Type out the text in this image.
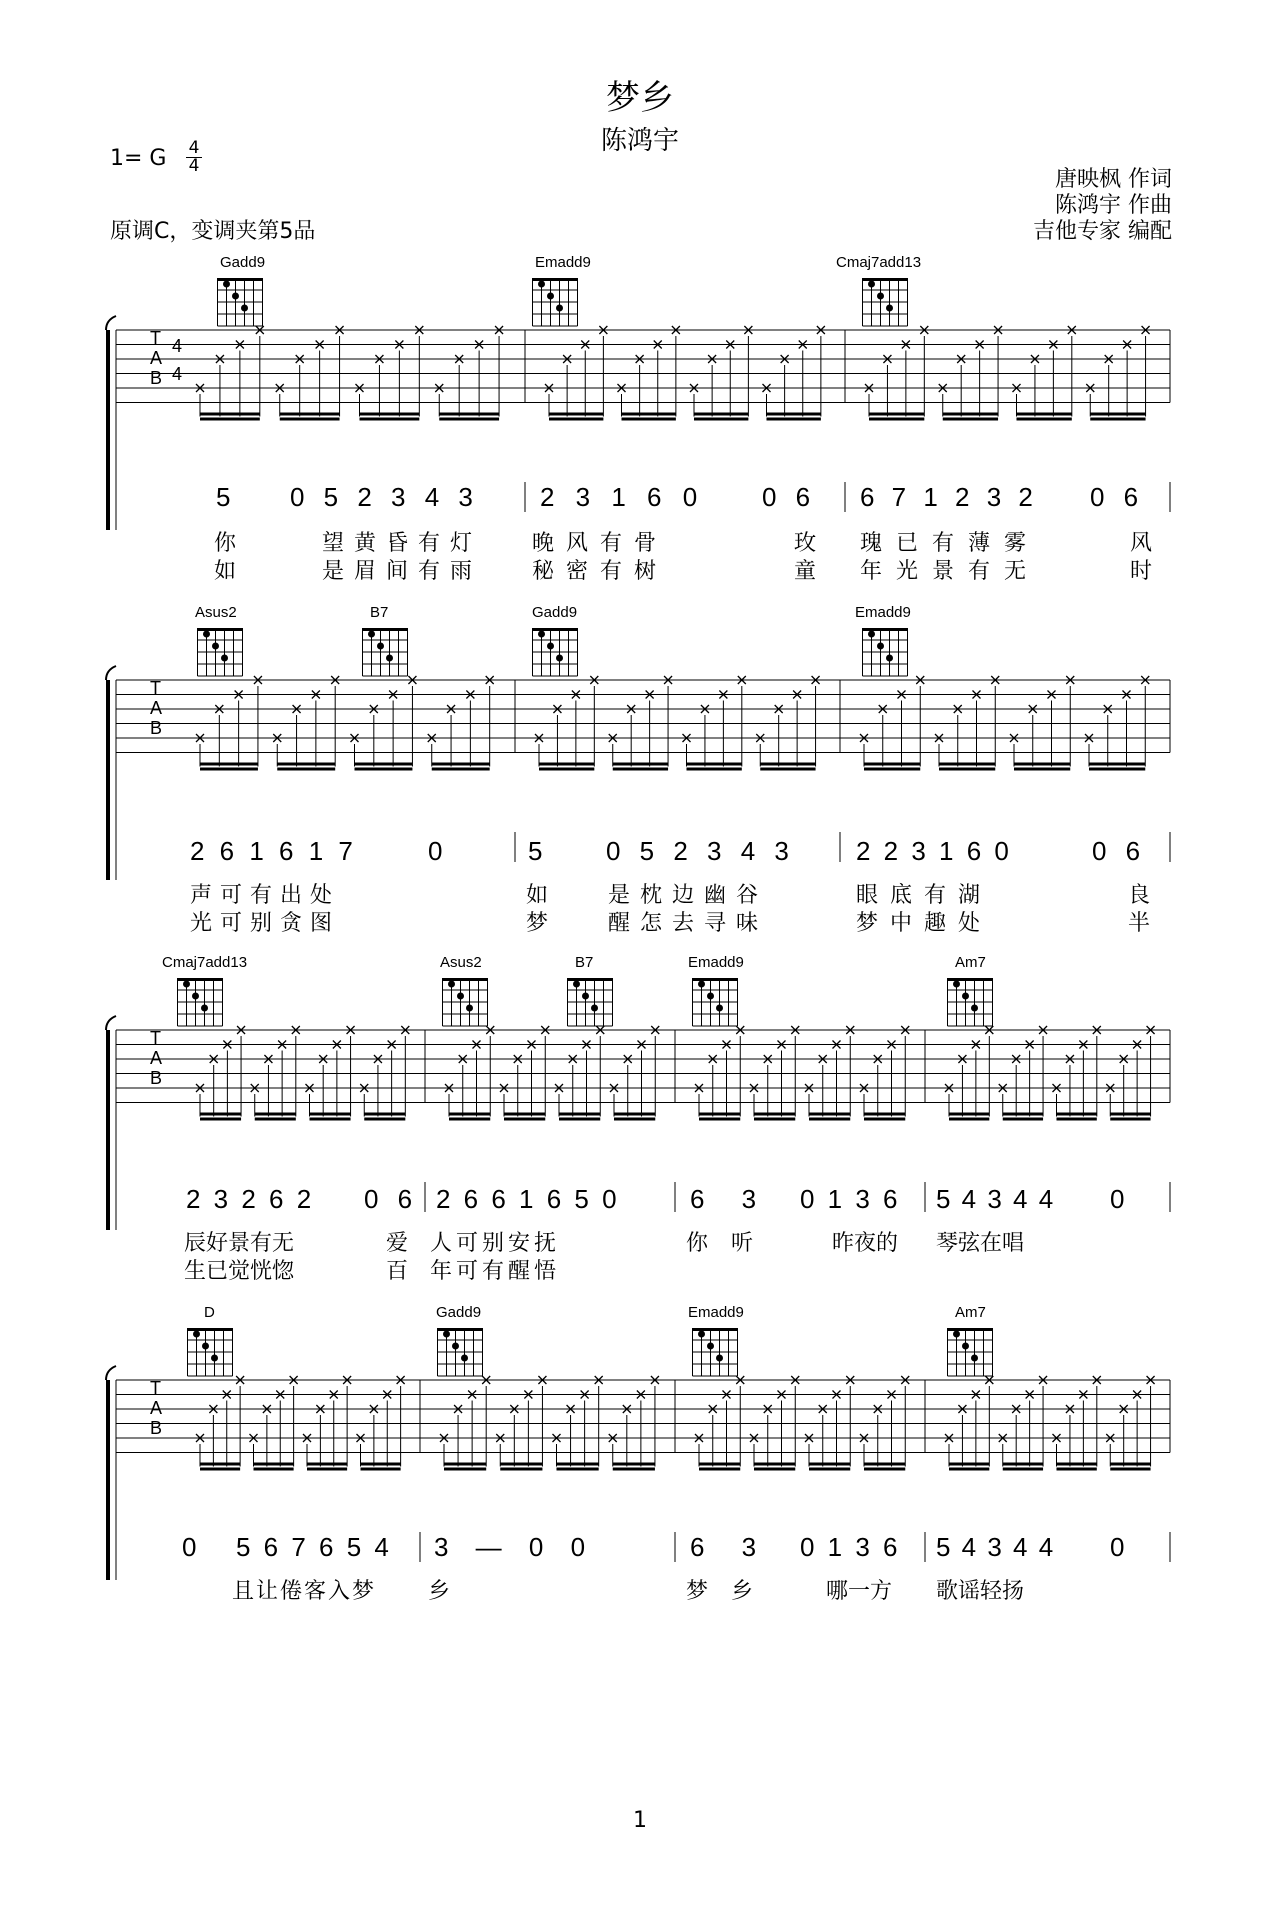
梦乡
陈鸿宇
1= G 4
4
原调C，变调夹第5品
唐映枫 作词
陈鸿宇 作曲
吉他专家 编配
T
A
B
4
4
Gadd9	Emadd9	Cmaj7add13
5 0 5 2 3 4 3	2 3 1 6 0 0 6 6 7 1 2 3 2 0 6
你	望黄昏有灯 晚风有骨	玫 瑰已有薄雾	风
如	是眉间有雨 秘密有树	童 年光景有无	时
T
A
B
Asus2	B7	Gadd9	Emadd9
2 6 1 6 1 7	0	5 0 5 2 3 4 3	2 2 3 1 6 0	0 6
声可有出处	如	是枕边幽谷	眼底有湖	良
光可别贪图	梦	醒怎去寻味	梦中趣处	半
T
A
B
Cmaj7add13	Asus2	B7	Emadd9	Am7
2 3 2 6 2 0 6 2 6 6 1 6 5 0	6 3 0 1 3 6 5 4 3 4 4 0
辰好景有无	爱 人可别安抚	你 听	昨夜的 琴弦在唱
生已觉恍惚	百 年可有醒悟
T
A
B
D	Gadd9	Emadd9	Am7
0 5 6 7 6 5 4 3 — 0 0	6 3 0 1 3 6 5 4 3 4 4 0
且让倦客入梦 乡	梦 乡	哪一方 歌谣轻扬
1
